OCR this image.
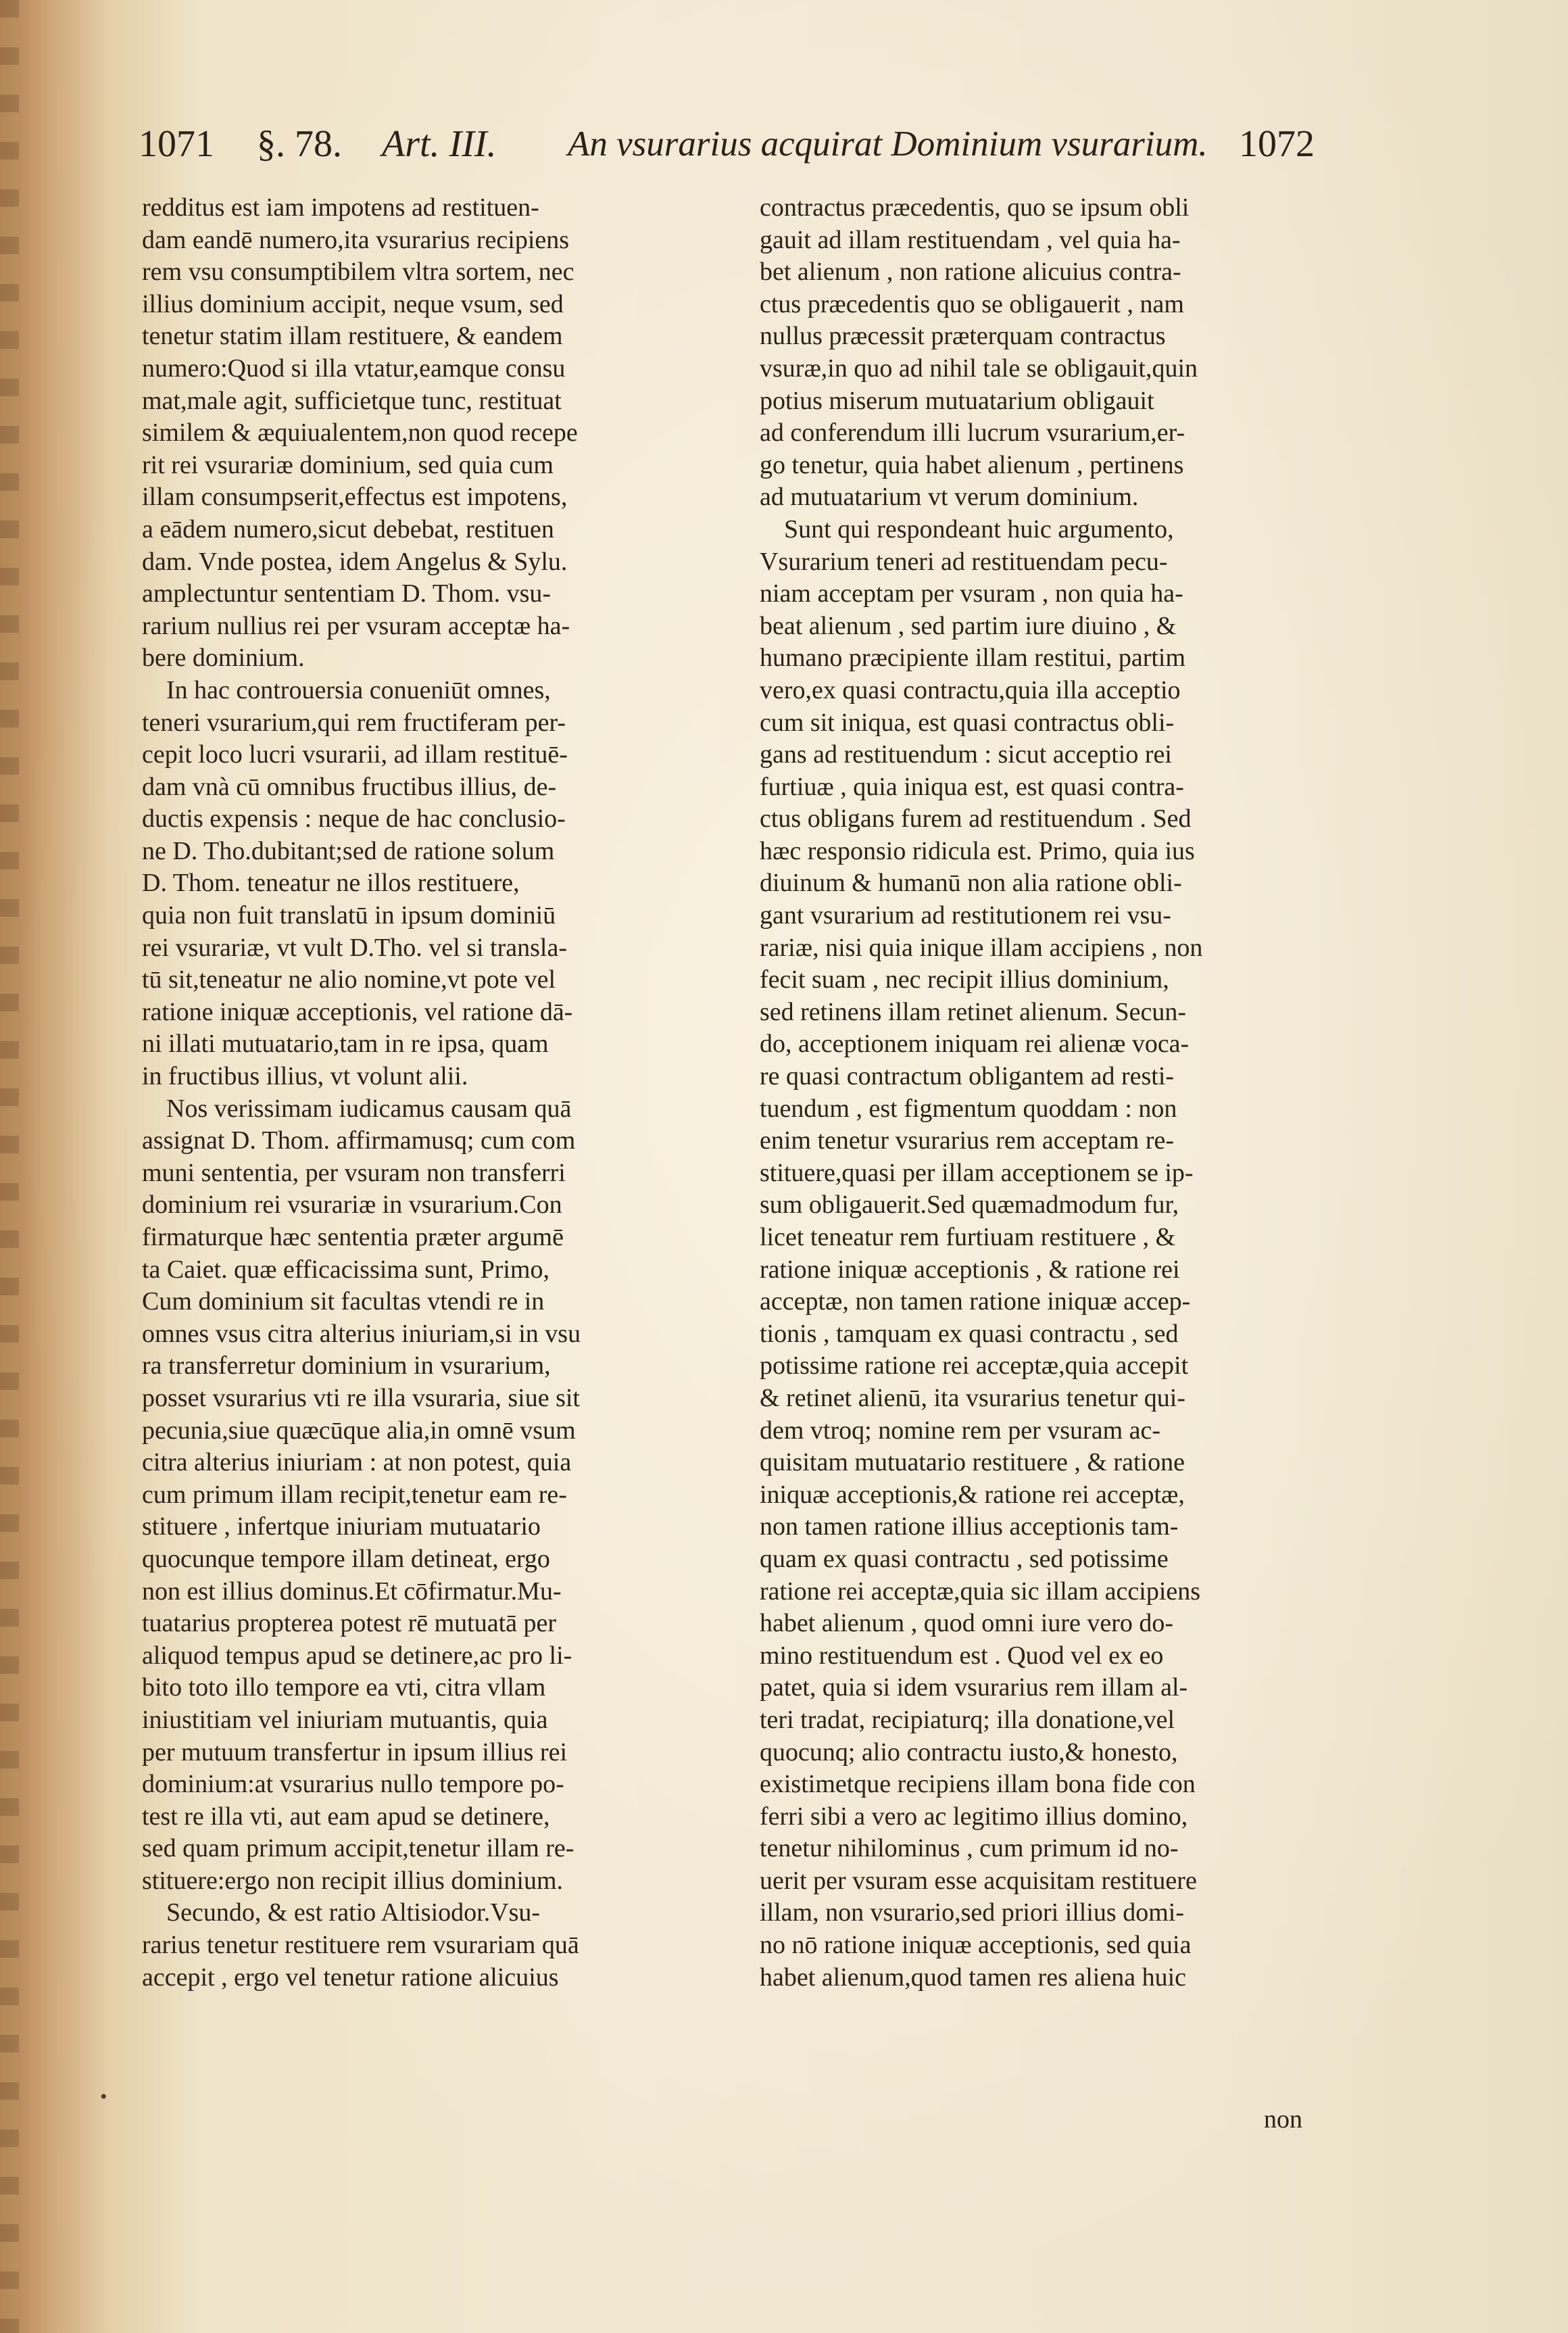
1071 §. 78. Art. III. An vsurarius acquirat Dominium vsurarium. 1072
redditus est iam impotens ad restituen-
dam eandē numero,ita vsurarius recipiens
rem vsu consumptibilem vltra sortem, nec
illius dominium accipit, neque vsum, sed
tenetur statim illam restituere, & eandem
numero:Quod si illa vtatur,eamque consu
mat,male agit, sufficietque tunc, restituat
similem & æquiualentem,non quod recepe
rit rei vsurariæ dominium, sed quia cum
illam consumpserit,effectus est impotens,
a eādem numero,sicut debebat, restituen
dam. Vnde postea, idem Angelus & Sylu.
amplectuntur sententiam D. Thom. vsu-
rarium nullius rei per vsuram acceptæ ha-
bere dominium.
In hac controuersia conueniūt omnes,
teneri vsurarium,qui rem fructiferam per-
cepit loco lucri vsurarii, ad illam restituē-
dam vnà cū omnibus fructibus illius, de-
ductis expensis : neque de hac conclusio-
ne D. Tho.dubitant;sed de ratione solum
D. Thom. teneatur ne illos restituere,
quia non fuit translatū in ipsum dominiū
rei vsurariæ, vt vult D.Tho. vel si transla-
tū sit,teneatur ne alio nomine,vt pote vel
ratione iniquæ acceptionis, vel ratione dā-
ni illati mutuatario,tam in re ipsa, quam
in fructibus illius, vt volunt alii.
Nos verissimam iudicamus causam quā
assignat D. Thom. affirmamusq; cum com
muni sententia, per vsuram non transferri
dominium rei vsurariæ in vsurarium.Con
firmaturque hæc sententia præter argumē
ta Caiet. quæ efficacissima sunt, Primo,
Cum dominium sit facultas vtendi re in
omnes vsus citra alterius iniuriam,si in vsu
ra transferretur dominium in vsurarium,
posset vsurarius vti re illa vsuraria, siue sit
pecunia,siue quæcūque alia,in omnē vsum
citra alterius iniuriam : at non potest, quia
cum primum illam recipit,tenetur eam re-
stituere , infertque iniuriam mutuatario
quocunque tempore illam detineat, ergo
non est illius dominus.Et cōfirmatur.Mu-
tuatarius propterea potest rē mutuatā per
aliquod tempus apud se detinere,ac pro li-
bito toto illo tempore ea vti, citra vllam
iniustitiam vel iniuriam mutuantis, quia
per mutuum transfertur in ipsum illius rei
dominium:at vsurarius nullo tempore po-
test re illa vti, aut eam apud se detinere,
sed quam primum accipit,tenetur illam re-
stituere:ergo non recipit illius dominium.
Secundo, & est ratio Altisiodor.Vsu-
rarius tenetur restituere rem vsurariam quā
accepit , ergo vel tenetur ratione alicuius
contractus præcedentis, quo se ipsum obli
gauit ad illam restituendam , vel quia ha-
bet alienum , non ratione alicuius contra-
ctus præcedentis quo se obligauerit , nam
nullus præcessit præterquam contractus
vsuræ,in quo ad nihil tale se obligauit,quin
potius miserum mutuatarium obligauit
ad conferendum illi lucrum vsurarium,er-
go tenetur, quia habet alienum , pertinens
ad mutuatarium vt verum dominium.
Sunt qui respondeant huic argumento,
Vsurarium teneri ad restituendam pecu-
niam acceptam per vsuram , non quia ha-
beat alienum , sed partim iure diuino , &
humano præcipiente illam restitui, partim
vero,ex quasi contractu,quia illa acceptio
cum sit iniqua, est quasi contractus obli-
gans ad restituendum : sicut acceptio rei
furtiuæ , quia iniqua est, est quasi contra-
ctus obligans furem ad restituendum . Sed
hæc responsio ridicula est. Primo, quia ius
diuinum & humanū non alia ratione obli-
gant vsurarium ad restitutionem rei vsu-
rariæ, nisi quia inique illam accipiens , non
fecit suam , nec recipit illius dominium,
sed retinens illam retinet alienum. Secun-
do, acceptionem iniquam rei alienæ voca-
re quasi contractum obligantem ad resti-
tuendum , est figmentum quoddam : non
enim tenetur vsurarius rem acceptam re-
stituere,quasi per illam acceptionem se ip-
sum obligauerit.Sed quæmadmodum fur,
licet teneatur rem furtiuam restituere , &
ratione iniquæ acceptionis , & ratione rei
acceptæ, non tamen ratione iniquæ accep-
tionis , tamquam ex quasi contractu , sed
potissime ratione rei acceptæ,quia accepit
& retinet alienū, ita vsurarius tenetur qui-
dem vtroq; nomine rem per vsuram ac-
quisitam mutuatario restituere , & ratione
iniquæ acceptionis,& ratione rei acceptæ,
non tamen ratione illius acceptionis tam-
quam ex quasi contractu , sed potissime
ratione rei acceptæ,quia sic illam accipiens
habet alienum , quod omni iure vero do-
mino restituendum est . Quod vel ex eo
patet, quia si idem vsurarius rem illam al-
teri tradat, recipiaturq; illa donatione,vel
quocunq; alio contractu iusto,& honesto,
existimetque recipiens illam bona fide con
ferri sibi a vero ac legitimo illius domino,
tenetur nihilominus , cum primum id no-
uerit per vsuram esse acquisitam restituere
illam, non vsurario,sed priori illius domi-
no nō ratione iniquæ acceptionis, sed quia
habet alienum,quod tamen res aliena huic
•
non
